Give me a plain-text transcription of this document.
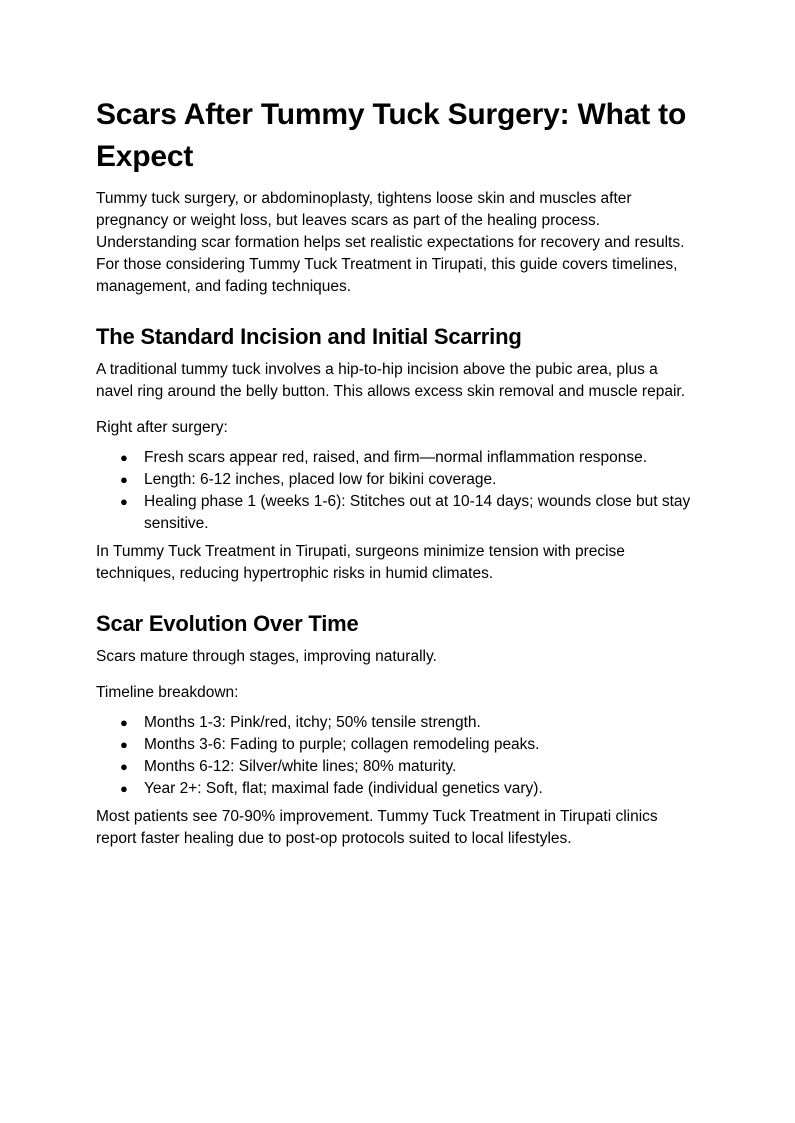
Scars After Tummy Tuck Surgery: What to Expect

Tummy tuck surgery, or abdominoplasty, tightens loose skin and muscles after pregnancy or weight loss, but leaves scars as part of the healing process. Understanding scar formation helps set realistic expectations for recovery and results. For those considering Tummy Tuck Treatment in Tirupati, this guide covers timelines, management, and fading techniques.

The Standard Incision and Initial Scarring

A traditional tummy tuck involves a hip-to-hip incision above the pubic area, plus a navel ring around the belly button. This allows excess skin removal and muscle repair.

Right after surgery:

● Fresh scars appear red, raised, and firm—normal inflammation response.
● Length: 6-12 inches, placed low for bikini coverage.
● Healing phase 1 (weeks 1-6): Stitches out at 10-14 days; wounds close but stay sensitive.

In Tummy Tuck Treatment in Tirupati, surgeons minimize tension with precise techniques, reducing hypertrophic risks in humid climates.

Scar Evolution Over Time

Scars mature through stages, improving naturally.

Timeline breakdown:

● Months 1-3: Pink/red, itchy; 50% tensile strength.
● Months 3-6: Fading to purple; collagen remodeling peaks.
● Months 6-12: Silver/white lines; 80% maturity.
● Year 2+: Soft, flat; maximal fade (individual genetics vary).

Most patients see 70-90% improvement. Tummy Tuck Treatment in Tirupati clinics report faster healing due to post-op protocols suited to local lifestyles.
